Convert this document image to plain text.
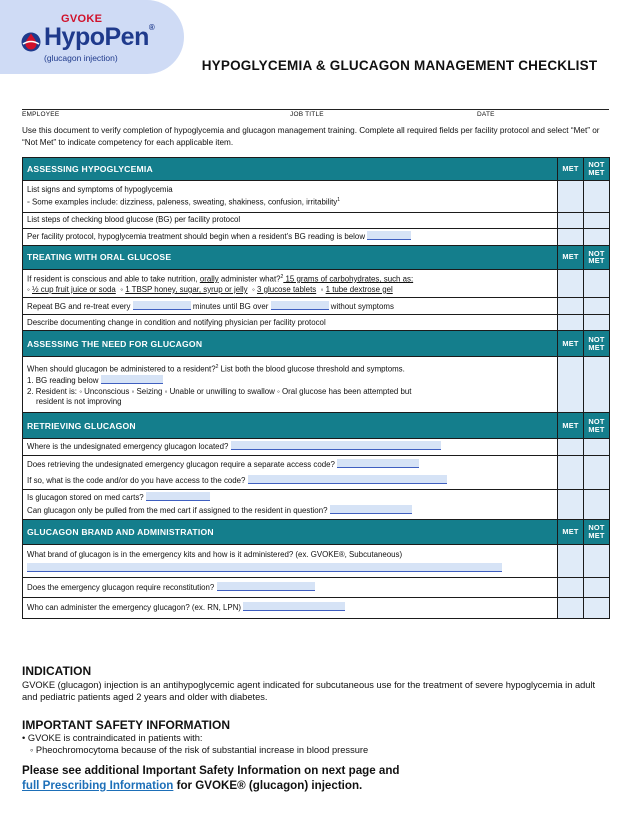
GVOKE
HypoPen®
(glucagon injection)	HYPOGLYCEMIA & GLUCAGON MANAGEMENT CHECKLIST
EMPLOYEE	JOB TITLE	DATE
Use this document to verify completion of hypoglycemia and glucagon management training. Complete all required fields per facility protocol and select “Met” or “Not Met” to indicate competency for each applicable item.
ASSESSING HYPOGLYCEMIA	MET	NOT
MET

List signs and symptoms of hypoglycemia
◦ Some examples include: dizziness, paleness, sweating, shakiness, confusion, irritability$^1$

List steps of checking blood glucose (BG) per facility protocol		
Per facility protocol, hypoglycemia treatment should begin when a resident’s BG reading is below		
TREATING WITH ORAL GLUCOSE	MET	NOT
MET

If resident is conscious and able to take nutrition, orally administer what?$^2$ 15 grams of carbohydrates, such as:
◦ ½ cup fruit juice or soda ◦ 1 TBSP honey, sugar, syrup or jelly ◦ 3 glucose tablets ◦ 1 tube dextrose gel		

Repeat BG and re-treat every minutes until BG over without symptoms		
Describe documenting change in condition and notifying physician per facility protocol		
ASSESSING THE NEED FOR GLUCAGON	MET	NOT
MET

When should glucagon be administered to a resident?$^2$ List both the blood glucose threshold and symptoms.
1. BG reading below
2. Resident is: ◦ Unconscious ◦ Seizing ◦ Unable or unwilling to swallow ◦ Oral glucose has been attempted but
resident is not improving		

RETRIEVING GLUCAGON	MET	NOT
MET
Where is the undesignated emergency glucagon located?		

Does retrieving the undesignated emergency glucagon require a separate access code?
If so, what is the code and/or do you have access to the code?		

Is glucagon stored on med carts?
Can glucagon only be pulled from the med cart if assigned to the resident in question?		

GLUCAGON BRAND AND ADMINISTRATION	MET	NOT
MET

What brand of glucagon is in the emergency kits and how is it administered? (ex. GVOKE®, Subcutaneous)		

Does the emergency glucagon require reconstitution?		
Who can administer the emergency glucagon? (ex. RN, LPN)		
INDICATION
GVOKE (glucagon) injection is an antihypoglycemic agent indicated for subcutaneous use for the treatment of severe hypoglycemia in adult and pediatric patients aged 2 years and older with diabetes.
IMPORTANT SAFETY INFORMATION
• GVOKE is contraindicated in patients with:
◦ Pheochromocytoma because of the risk of substantial increase in blood pressure
Please see additional Important Safety Information on next page and
full Prescribing Information for GVOKE® (glucagon) injection.
